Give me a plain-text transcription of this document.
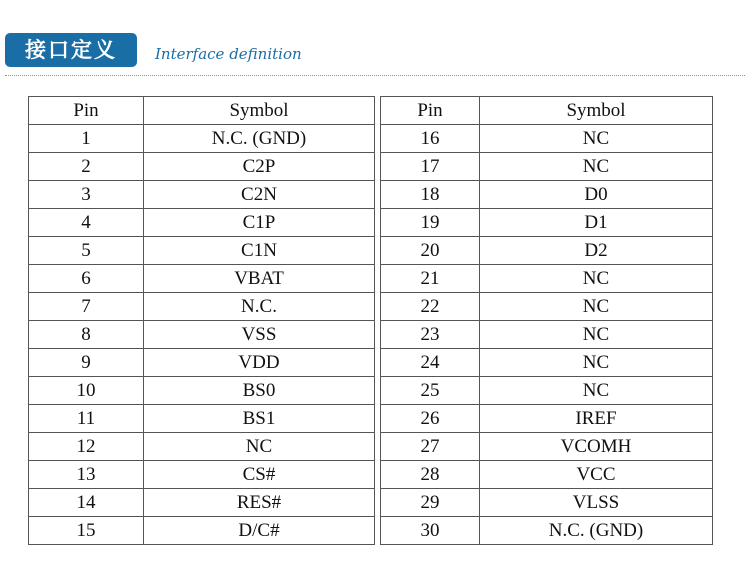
接口定义	Interface definition
Pin	Symbol
1	N.C. (GND)
2	C2P
3	C2N
4	C1P
5	C1N
6	VBAT
7	N.C.
8	VSS
9	VDD
10	BS0
11	BS1
12	NC
13	CS#
14	RES#
15	D/C#
Pin	Symbol
16	NC
17	NC
18	D0
19	D1
20	D2
21	NC
22	NC
23	NC
24	NC
25	NC
26	IREF
27	VCOMH
28	VCC
29	VLSS
30	N.C. (GND)
